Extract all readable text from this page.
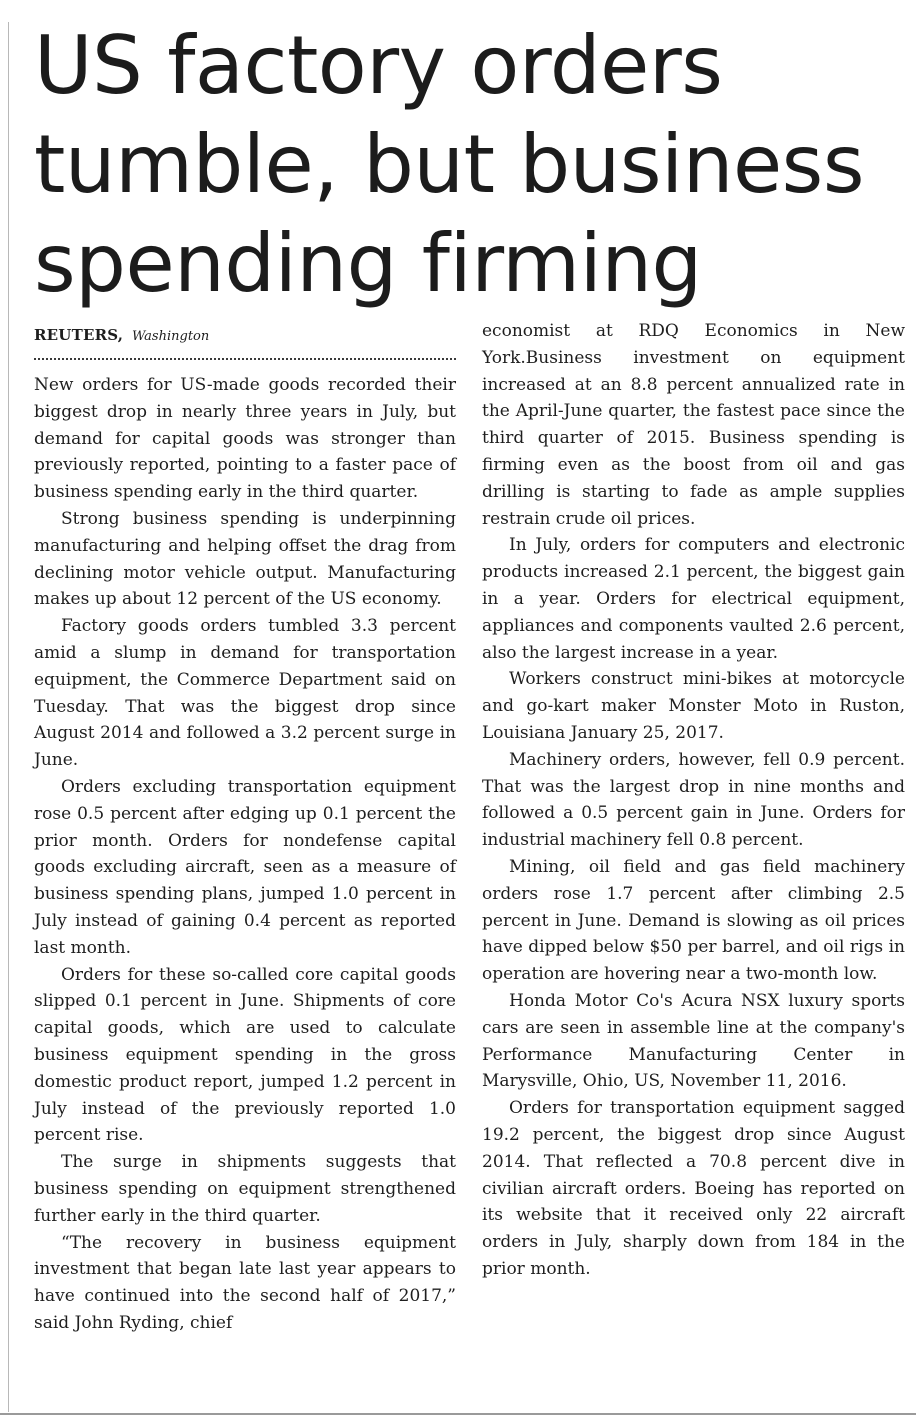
US factory orders
tumble, but business
spending firming
REUTERS, Washington

New orders for US-made goods recorded their biggest drop in nearly three years in July, but demand for capital goods was stronger than previously reported, pointing to a faster pace of business spending early in the third quarter.

Strong business spending is underpinning manufacturing and helping offset the drag from declining motor vehicle output. Manufacturing makes up about 12 percent of the US economy.

Factory goods orders tumbled 3.3 percent amid a slump in demand for transportation equipment, the Commerce Department said on Tuesday. That was the biggest drop since August 2014 and followed a 3.2 percent surge in June.

Orders excluding transportation equipment rose 0.5 percent after edging up 0.1 percent the prior month. Orders for nondefense capital goods excluding aircraft, seen as a measure of business spending plans, jumped 1.0 percent in July instead of gaining 0.4 percent as reported last month.

Orders for these so-called core capital goods slipped 0.1 percent in June. Shipments of core capital goods, which are used to calculate business equipment spending in the gross domestic product report, jumped 1.2 percent in July instead of the previously reported 1.0 percent rise.

The surge in shipments suggests that business spending on equipment strengthened further early in the third quarter.

“The recovery in business equipment investment that began late last year appears to have continued into the second half of 2017,” said John Ryding, chief

economist at RDQ Economics in New York.Business investment on equipment increased at an 8.8 percent annualized rate in the April-June quarter, the fastest pace since the third quarter of 2015. Business spending is firming even as the boost from oil and gas drilling is starting to fade as ample supplies restrain crude oil prices.

In July, orders for computers and electronic products increased 2.1 percent, the biggest gain in a year. Orders for electrical equipment, appliances and components vaulted 2.6 percent, also the largest increase in a year.

Workers construct mini-bikes at motorcycle and go-kart maker Monster Moto in Ruston, Louisiana January 25, 2017.

Machinery orders, however, fell 0.9 percent. That was the largest drop in nine months and followed a 0.5 percent gain in June. Orders for industrial machinery fell 0.8 percent.

Mining, oil field and gas field machinery orders rose 1.7 percent after climbing 2.5 percent in June. Demand is slowing as oil prices have dipped below $50 per barrel, and oil rigs in operation are hovering near a two-month low.

Honda Motor Co's Acura NSX luxury sports cars are seen in assemble line at the company's Performance Manufacturing Center in Marysville, Ohio, US, November 11, 2016.

Orders for transportation equipment sagged 19.2 percent, the biggest drop since August 2014. That reflected a 70.8 percent dive in civilian aircraft orders. Boeing has reported on its website that it received only 22 aircraft orders in July, sharply down from 184 in the prior month.
